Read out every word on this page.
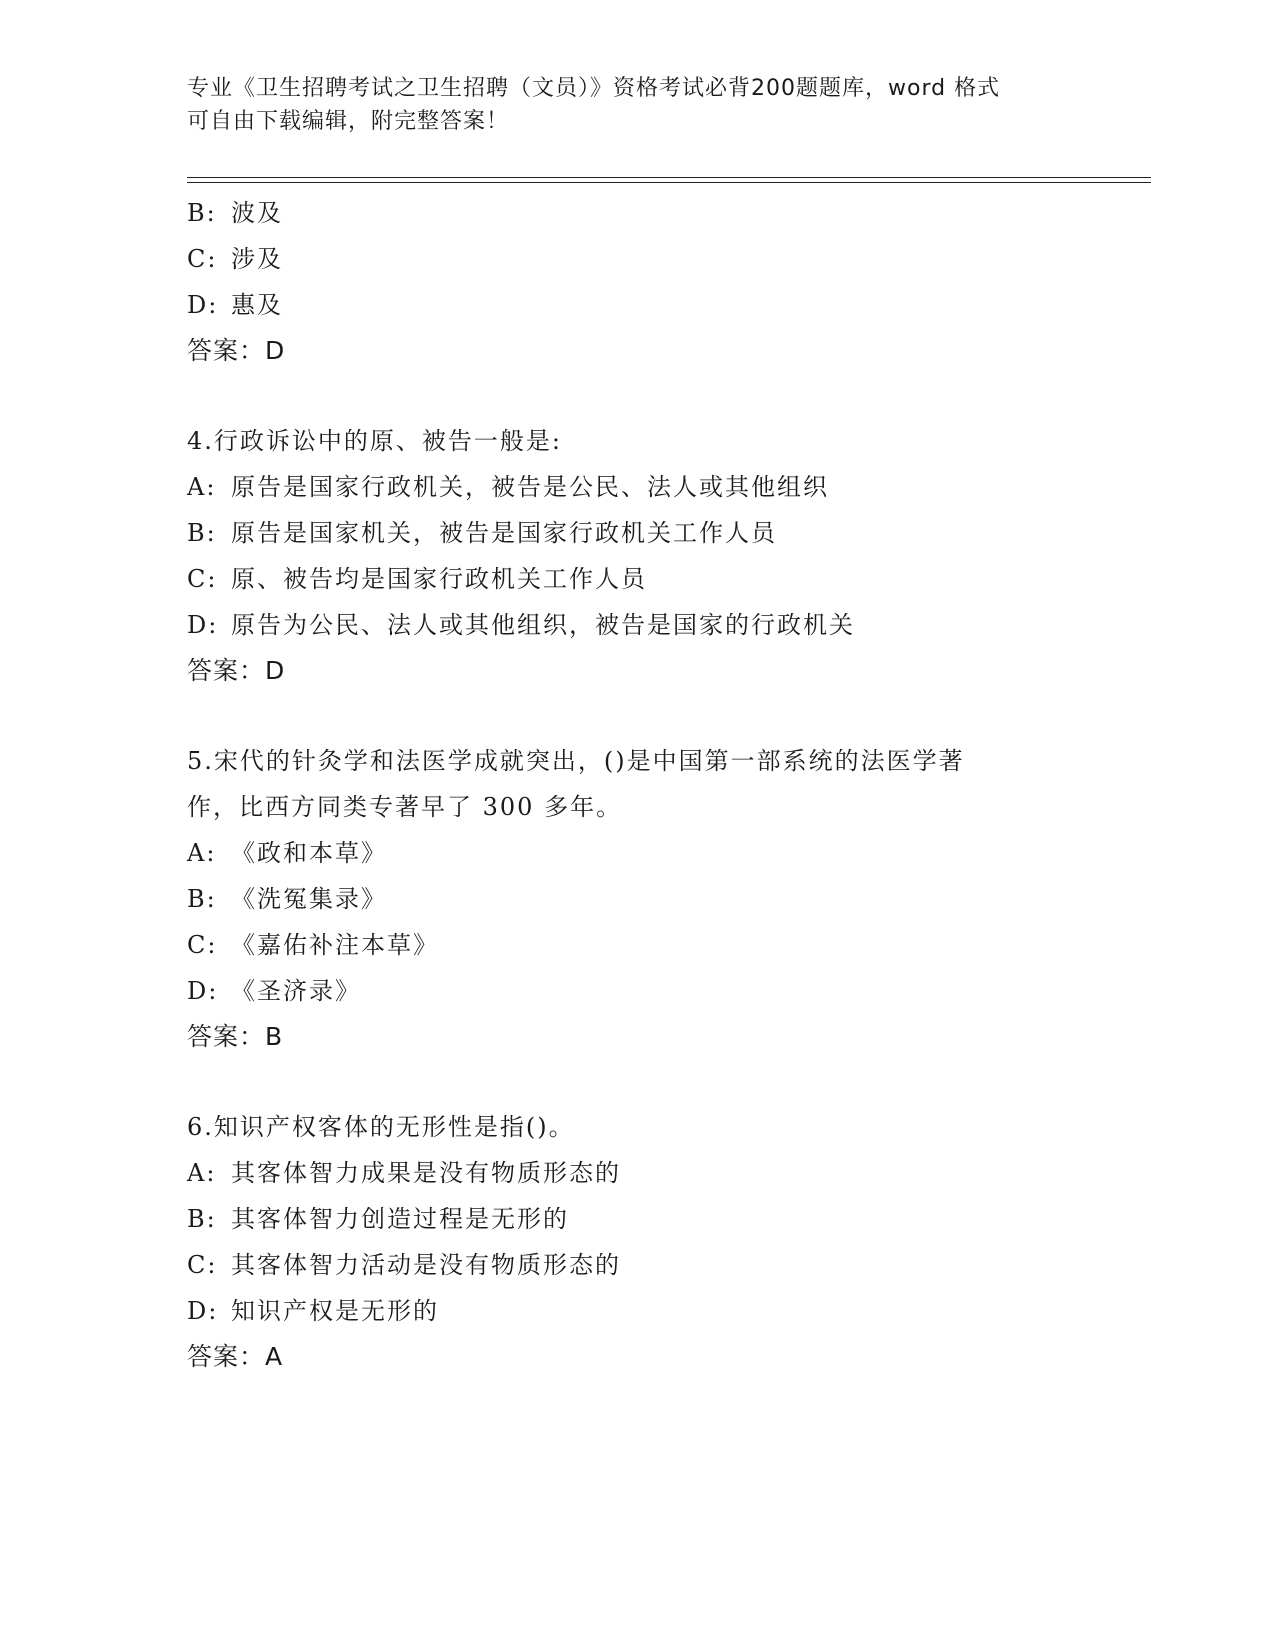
专业《卫生招聘考试之卫生招聘（文员）》资格考试必背200题题库，word 格式
可自由下载编辑，附完整答案！
B: 波及
C: 涉及
D: 惠及
答案：D
4.行政诉讼中的原、被告一般是:
A: 原告是国家行政机关，被告是公民、法人或其他组织
B: 原告是国家机关，被告是国家行政机关工作人员
C: 原、被告均是国家行政机关工作人员
D: 原告为公民、法人或其他组织，被告是国家的行政机关
答案：D
5.宋代的针灸学和法医学成就突出，()是中国第一部系统的法医学著
作，比西方同类专著早了 300 多年。
A: 《政和本草》
B: 《洗冤集录》
C: 《嘉佑补注本草》
D: 《圣济录》
答案：B
6.知识产权客体的无形性是指()。
A: 其客体智力成果是没有物质形态的
B: 其客体智力创造过程是无形的
C: 其客体智力活动是没有物质形态的
D: 知识产权是无形的
答案：A
